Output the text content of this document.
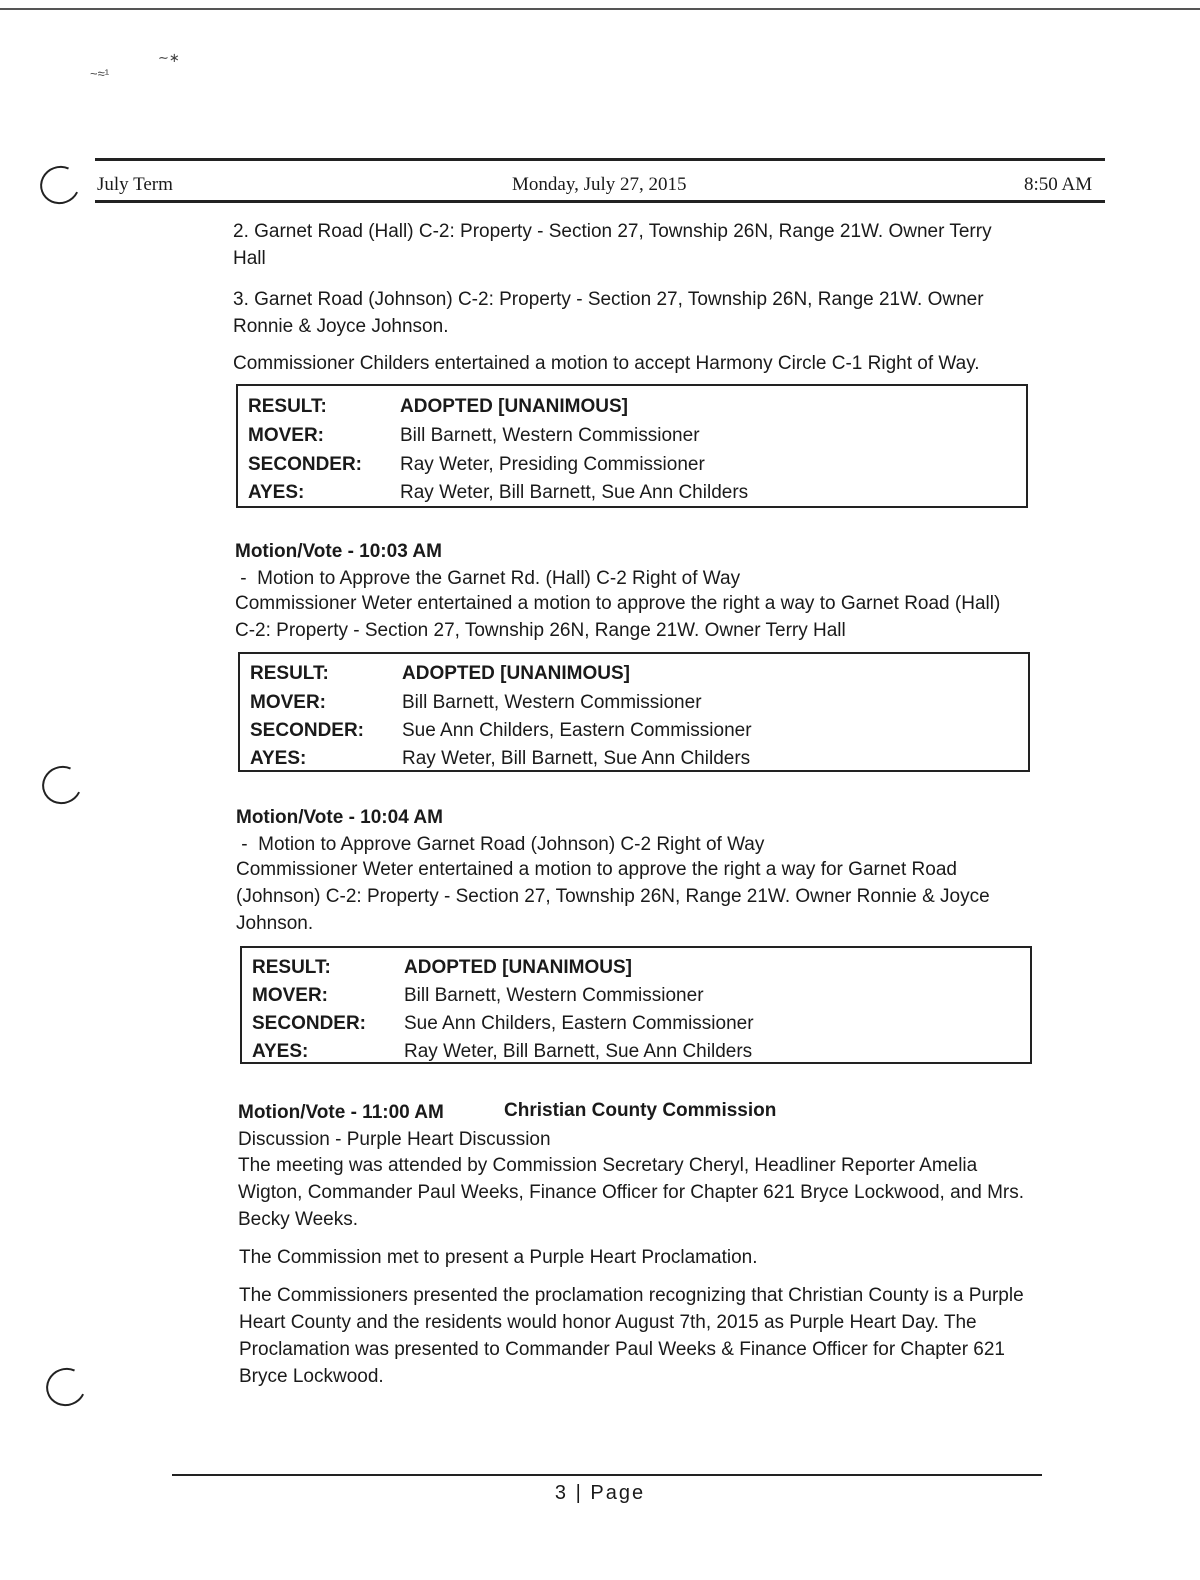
~≈¹
∼∗
July Term	Monday, July 27, 2015	8:50 AM

2. Garnet Road (Hall) C-2: Property - Section 27, Township 26N, Range 21W. Owner Terry Hall

3. Garnet Road (Johnson) C-2: Property - Section 27, Township 26N, Range 21W. Owner Ronnie & Joyce Johnson.

Commissioner Childers entertained a motion to accept Harmony Circle C-1 Right of Way.

RESULT:	ADOPTED [UNANIMOUS]
MOVER:	Bill Barnett, Western Commissioner
SECONDER:	Ray Weter, Presiding Commissioner
AYES:	Ray Weter, Bill Barnett, Sue Ann Childers
Motion/Vote - 10:03 AM
-  Motion to Approve the Garnet Rd. (Hall) C-2 Right of Way

Commissioner Weter entertained a motion to approve the right a way to Garnet Road (Hall) C-2: Property - Section 27, Township 26N, Range 21W. Owner Terry Hall

RESULT:	ADOPTED [UNANIMOUS]
MOVER:	Bill Barnett, Western Commissioner
SECONDER:	Sue Ann Childers, Eastern Commissioner
AYES:	Ray Weter, Bill Barnett, Sue Ann Childers
Motion/Vote - 10:04 AM
-  Motion to Approve Garnet Road (Johnson) C-2 Right of Way

Commissioner Weter entertained a motion to approve the right a way for Garnet Road (Johnson) C-2: Property - Section 27, Township 26N, Range 21W. Owner Ronnie & Joyce Johnson.

RESULT:	ADOPTED [UNANIMOUS]
MOVER:	Bill Barnett, Western Commissioner
SECONDER:	Sue Ann Childers, Eastern Commissioner
AYES:	Ray Weter, Bill Barnett, Sue Ann Childers
Motion/Vote - 11:00 AM	Christian County Commission
Discussion - Purple Heart Discussion

The meeting was attended by Commission Secretary Cheryl, Headliner Reporter Amelia Wigton, Commander Paul Weeks, Finance Officer for Chapter 621 Bryce Lockwood, and Mrs. Becky Weeks.

The Commission met to present a Purple Heart Proclamation.

The Commissioners presented the proclamation recognizing that Christian County is a Purple Heart County and the residents would honor August 7th, 2015 as Purple Heart Day. The Proclamation was presented to Commander Paul Weeks & Finance Officer for Chapter 621 Bryce Lockwood.

3 | Page
